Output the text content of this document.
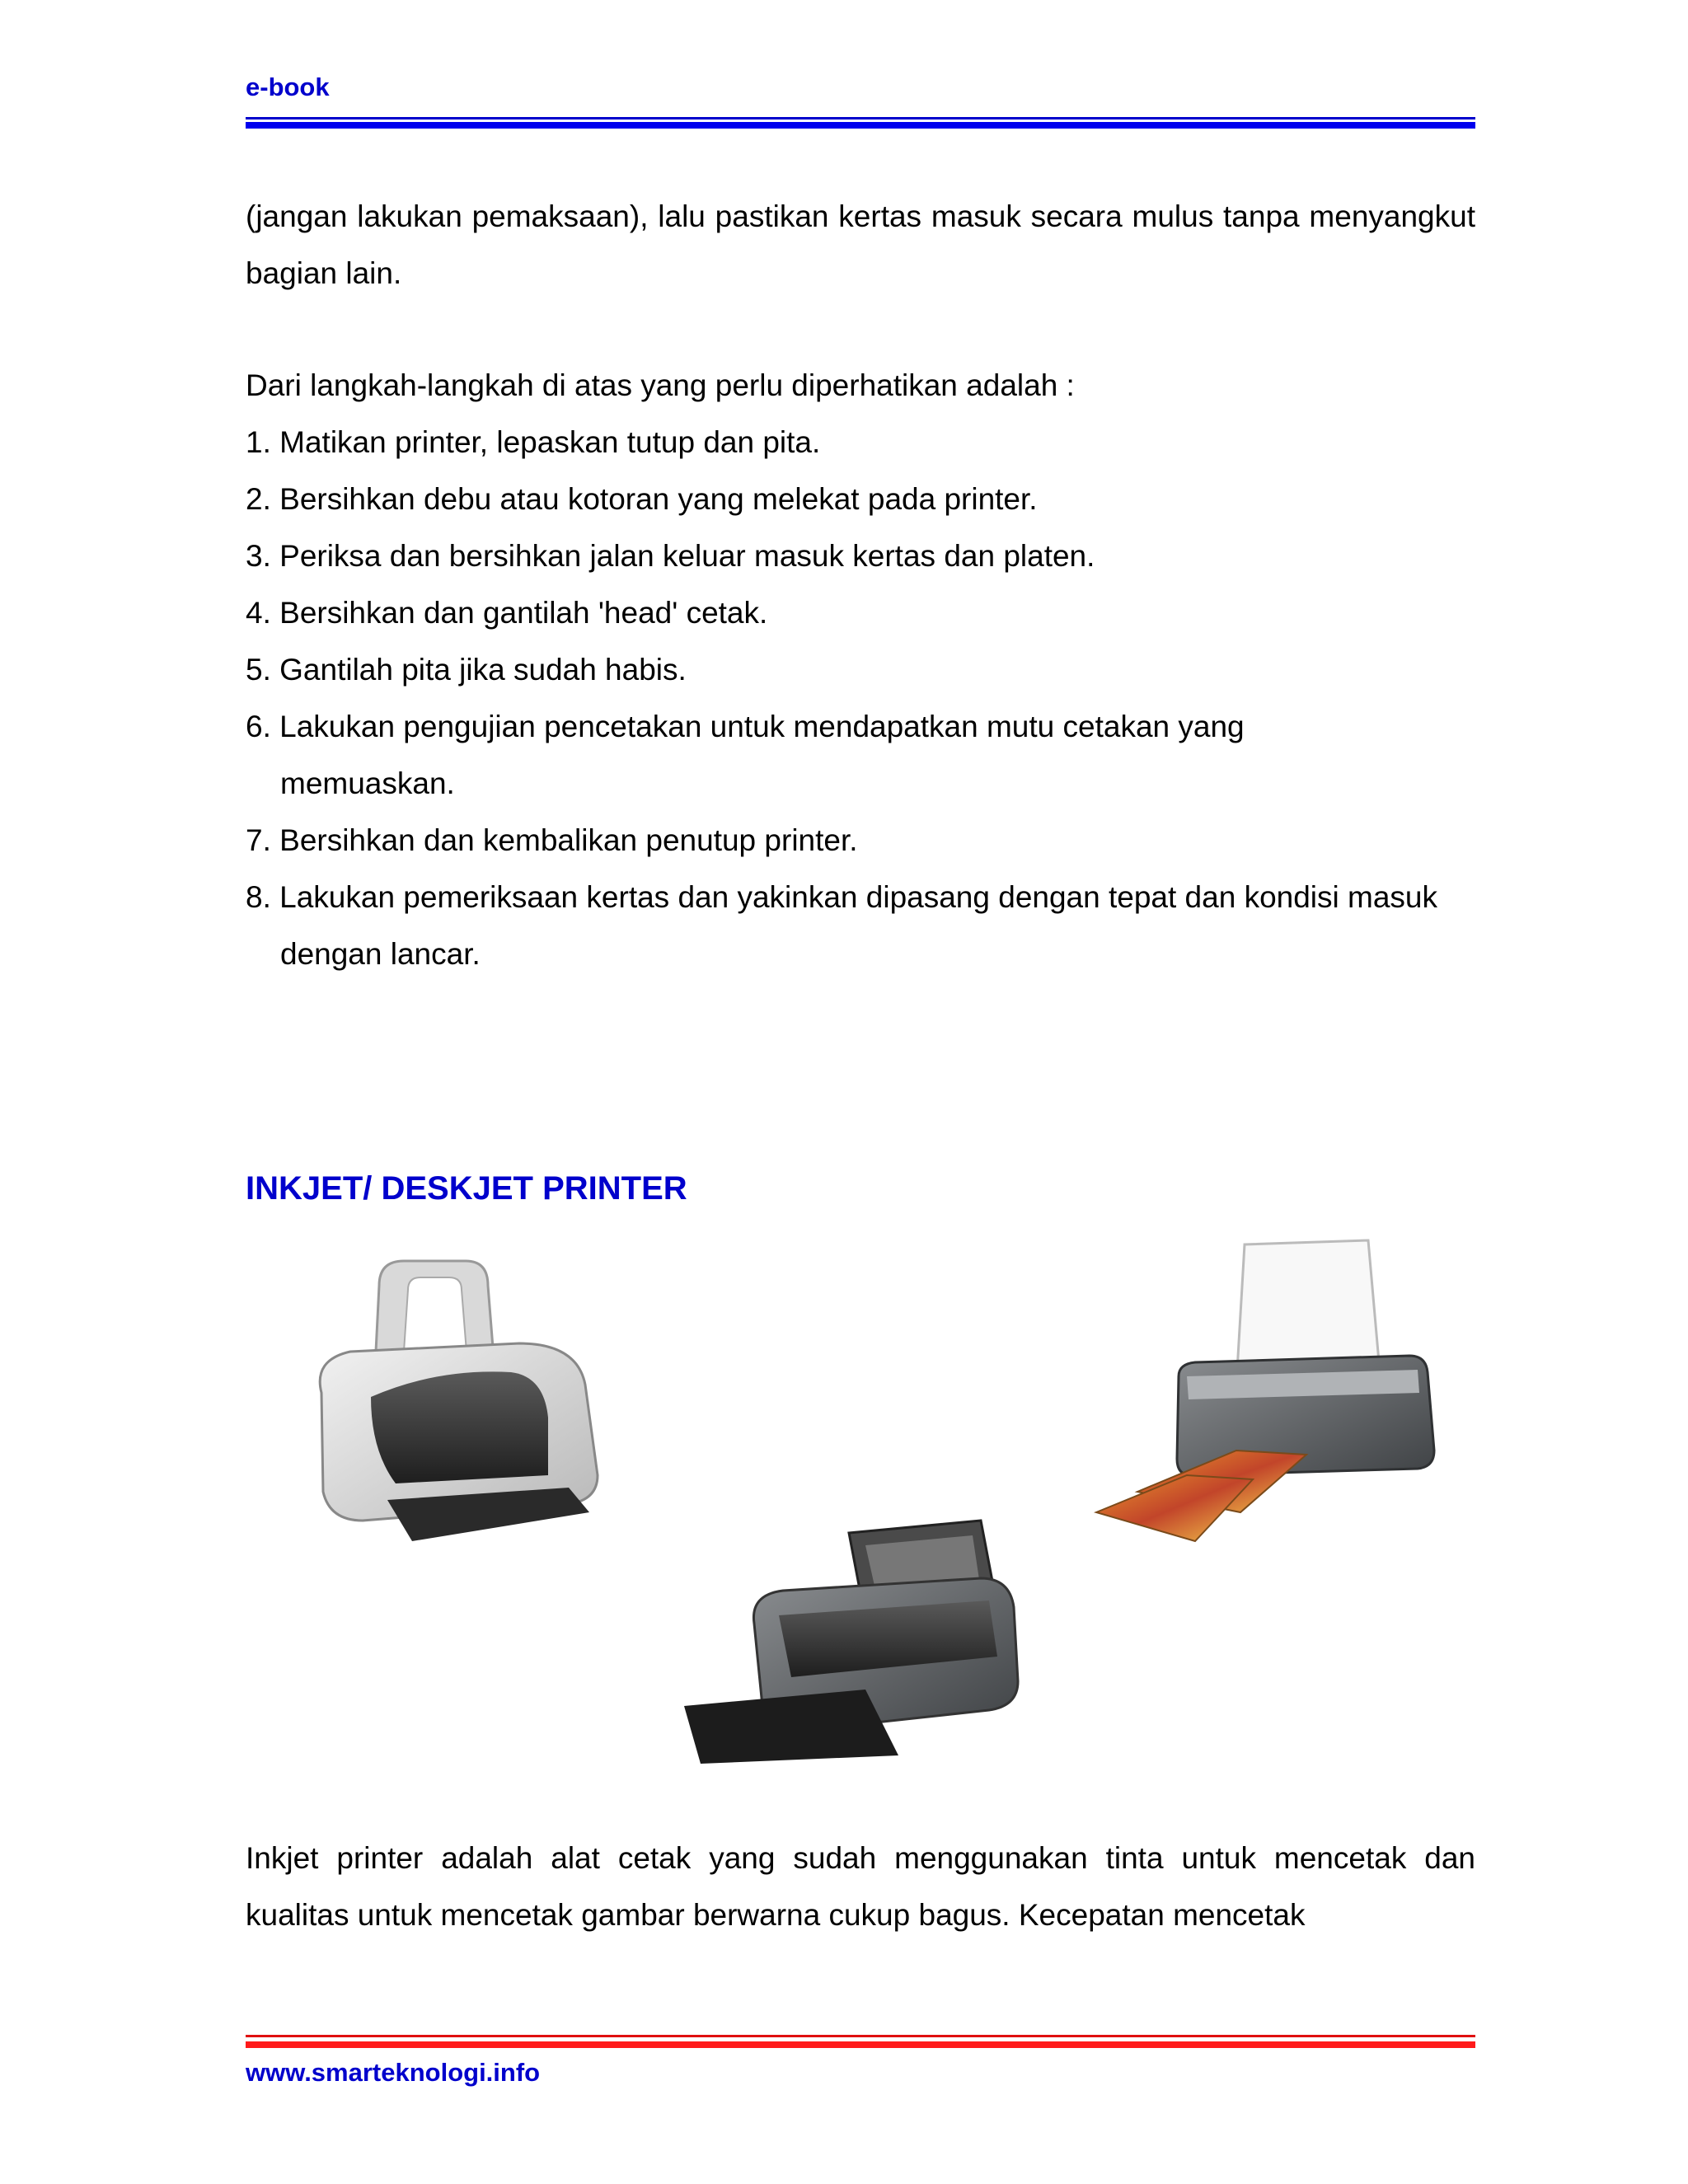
e-book

(jangan lakukan pemaksaan), lalu pastikan kertas masuk secara mulus tanpa menyangkut bagian lain.

Dari langkah-langkah di atas yang perlu diperhatikan adalah :
1. Matikan printer, lepaskan tutup dan pita.
2. Bersihkan debu atau kotoran yang melekat pada printer.
3. Periksa dan bersihkan jalan keluar masuk kertas dan platen.
4. Bersihkan dan gantilah 'head' cetak.
5. Gantilah pita jika sudah habis.
6. Lakukan pengujian pencetakan untuk mendapatkan mutu cetakan yang memuaskan.
7. Bersihkan dan kembalikan penutup printer.
8. Lakukan pemeriksaan kertas dan yakinkan dipasang dengan tepat dan kondisi masuk dengan lancar.
INKJET/ DESKJET PRINTER

Inkjet printer adalah alat cetak yang sudah menggunakan tinta untuk mencetak dan kualitas untuk mencetak gambar berwarna cukup bagus. Kecepatan mencetak

www.smarteknologi.info
